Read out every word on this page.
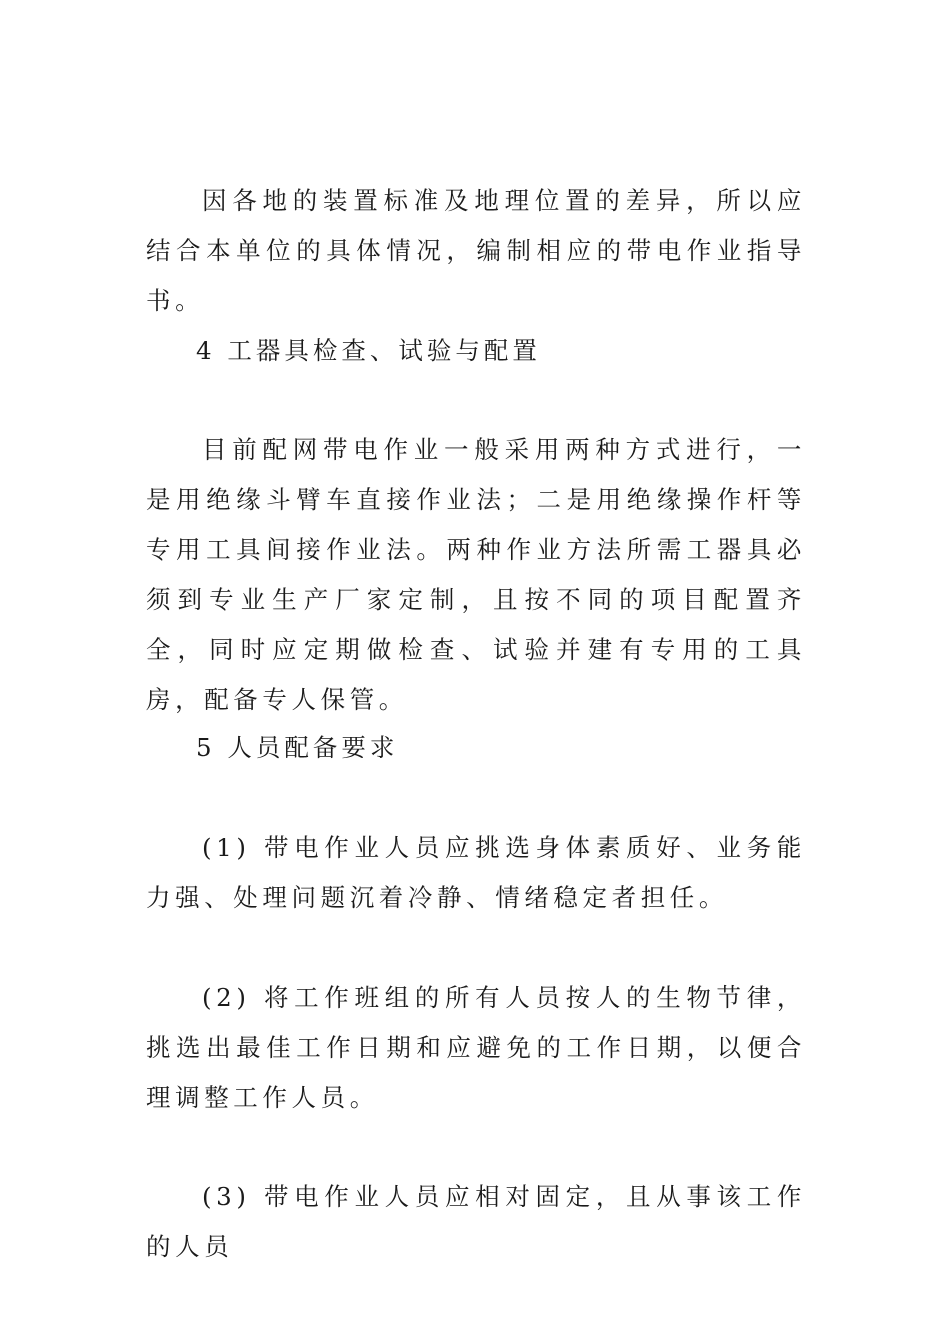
因各地的装置标准及地理位置的差异，所以应结合本单位的具体情况，编制相应的带电作业指导书。

4 工器具检查、试验与配置

目前配网带电作业一般采用两种方式进行，一是用绝缘斗臂车直接作业法；二是用绝缘操作杆等专用工具间接作业法。两种作业方法所需工器具必须到专业生产厂家定制，且按不同的项目配置齐全，同时应定期做检查、试验并建有专用的工具房，配备专人保管。

5 人员配备要求

(1) 带电作业人员应挑选身体素质好、业务能力强、处理问题沉着冷静、情绪稳定者担任。

(2) 将工作班组的所有人员按人的生物节律，挑选出最佳工作日期和应避免的工作日期，以便合理调整工作人员。

(3) 带电作业人员应相对固定，且从事该工作的人员
